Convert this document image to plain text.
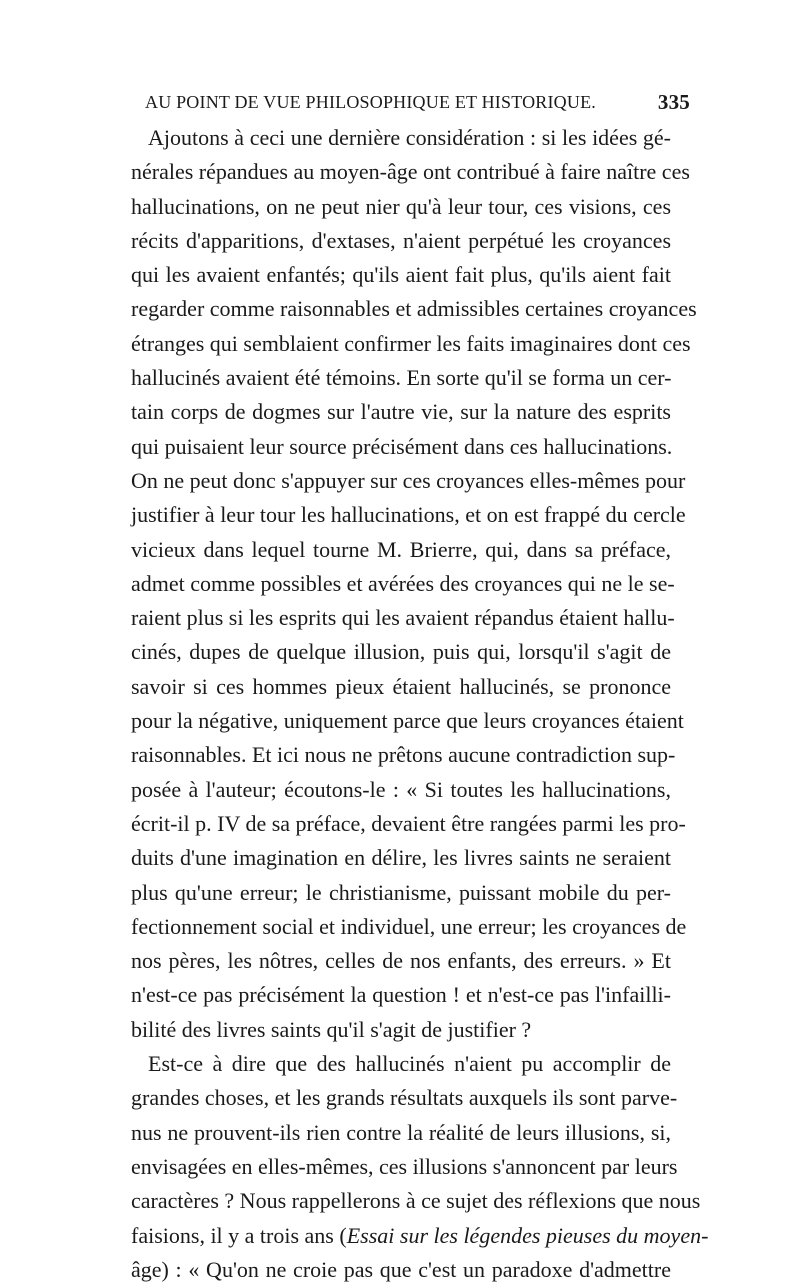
AU POINT DE VUE PHILOSOPHIQUE ET HISTORIQUE.	335
Ajoutons à ceci une dernière considération : si les idées gé-
nérales répandues au moyen-âge ont contribué à faire naître ces
hallucinations, on ne peut nier qu'à leur tour, ces visions, ces
récits d'apparitions, d'extases, n'aient perpétué les croyances
qui les avaient enfantés; qu'ils aient fait plus, qu'ils aient fait
regarder comme raisonnables et admissibles certaines croyances
étranges qui semblaient confirmer les faits imaginaires dont ces
hallucinés avaient été témoins. En sorte qu'il se forma un cer-
tain corps de dogmes sur l'autre vie, sur la nature des esprits
qui puisaient leur source précisément dans ces hallucinations.
On ne peut donc s'appuyer sur ces croyances elles-mêmes pour
justifier à leur tour les hallucinations, et on est frappé du cercle
vicieux dans lequel tourne M. Brierre, qui, dans sa préface,
admet comme possibles et avérées des croyances qui ne le se-
raient plus si les esprits qui les avaient répandus étaient hallu-
cinés, dupes de quelque illusion, puis qui, lorsqu'il s'agit de
savoir si ces hommes pieux étaient hallucinés, se prononce
pour la négative, uniquement parce que leurs croyances étaient
raisonnables. Et ici nous ne prêtons aucune contradiction sup-
posée à l'auteur; écoutons-le : « Si toutes les hallucinations,
écrit-il p. IV de sa préface, devaient être rangées parmi les pro-
duits d'une imagination en délire, les livres saints ne seraient
plus qu'une erreur; le christianisme, puissant mobile du per-
fectionnement social et individuel, une erreur; les croyances de
nos pères, les nôtres, celles de nos enfants, des erreurs. » Et
n'est-ce pas précisément la question ! et n'est-ce pas l'infailli-
bilité des livres saints qu'il s'agit de justifier ?
Est-ce à dire que des hallucinés n'aient pu accomplir de
grandes choses, et les grands résultats auxquels ils sont parve-
nus ne prouvent-ils rien contre la réalité de leurs illusions, si,
envisagées en elles-mêmes, ces illusions s'annoncent par leurs
caractères ? Nous rappellerons à ce sujet des réflexions que nous
faisions, il y a trois ans (Essai sur les légendes pieuses du moyen-
âge) : « Qu'on ne croie pas que c'est un paradoxe d'admettre
